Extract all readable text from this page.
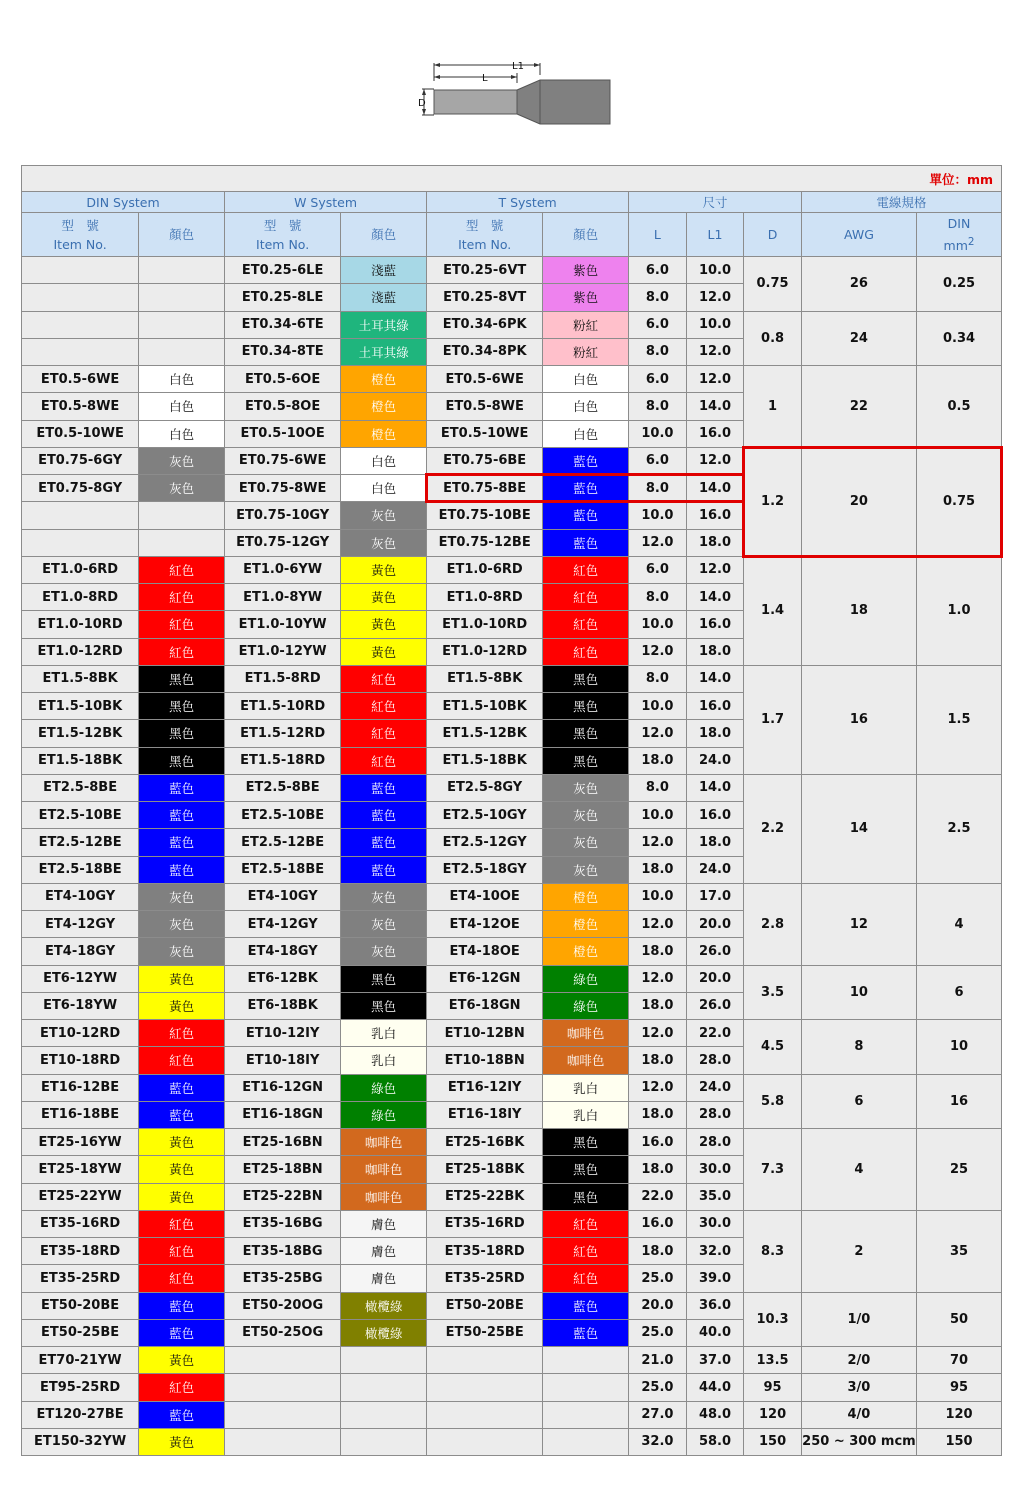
L1
L
D
單位：mm										
DIN System		W System		T System		尺寸			電線規格	
型　號
Item No.	顏色	型　號
Item No.	顏色	型　號
Item No.	顏色	L	L1	D	AWG	DIN
$mm^2$
		ET0.25-6LE	淺藍	ET0.25-6VT	紫色	6.0	10.0	0.75	26	0.25
		ET0.25-8LE	淺藍	ET0.25-8VT	紫色	8.0	12.0			
		ET0.34-6TE	土耳其綠	ET0.34-6PK	粉紅	6.0	10.0	0.8	24	0.34
		ET0.34-8TE	土耳其綠	ET0.34-8PK	粉紅	8.0	12.0			
ET0.5-6WE	白色	ET0.5-6OE	橙色	ET0.5-6WE	白色	6.0	12.0	1	22	0.5
ET0.5-8WE	白色	ET0.5-8OE	橙色	ET0.5-8WE	白色	8.0	14.0			
ET0.5-10WE	白色	ET0.5-10OE	橙色	ET0.5-10WE	白色	10.0	16.0			
ET0.75-6GY	灰色	ET0.75-6WE	白色	ET0.75-6BE	藍色	6.0	12.0	1.2	20	0.75
ET0.75-8GY	灰色	ET0.75-8WE	白色	ET0.75-8BE	藍色	8.0	14.0			
		ET0.75-10GY	灰色	ET0.75-10BE	藍色	10.0	16.0			
		ET0.75-12GY	灰色	ET0.75-12BE	藍色	12.0	18.0			
ET1.0-6RD	紅色	ET1.0-6YW	黃色	ET1.0-6RD	紅色	6.0	12.0	1.4	18	1.0
ET1.0-8RD	紅色	ET1.0-8YW	黃色	ET1.0-8RD	紅色	8.0	14.0			
ET1.0-10RD	紅色	ET1.0-10YW	黃色	ET1.0-10RD	紅色	10.0	16.0			
ET1.0-12RD	紅色	ET1.0-12YW	黃色	ET1.0-12RD	紅色	12.0	18.0			
ET1.5-8BK	黑色	ET1.5-8RD	紅色	ET1.5-8BK	黑色	8.0	14.0	1.7	16	1.5
ET1.5-10BK	黑色	ET1.5-10RD	紅色	ET1.5-10BK	黑色	10.0	16.0			
ET1.5-12BK	黑色	ET1.5-12RD	紅色	ET1.5-12BK	黑色	12.0	18.0			
ET1.5-18BK	黑色	ET1.5-18RD	紅色	ET1.5-18BK	黑色	18.0	24.0			
ET2.5-8BE	藍色	ET2.5-8BE	藍色	ET2.5-8GY	灰色	8.0	14.0	2.2	14	2.5
ET2.5-10BE	藍色	ET2.5-10BE	藍色	ET2.5-10GY	灰色	10.0	16.0			
ET2.5-12BE	藍色	ET2.5-12BE	藍色	ET2.5-12GY	灰色	12.0	18.0			
ET2.5-18BE	藍色	ET2.5-18BE	藍色	ET2.5-18GY	灰色	18.0	24.0			
ET4-10GY	灰色	ET4-10GY	灰色	ET4-10OE	橙色	10.0	17.0	2.8	12	4
ET4-12GY	灰色	ET4-12GY	灰色	ET4-12OE	橙色	12.0	20.0			
ET4-18GY	灰色	ET4-18GY	灰色	ET4-18OE	橙色	18.0	26.0			
ET6-12YW	黃色	ET6-12BK	黑色	ET6-12GN	綠色	12.0	20.0	3.5	10	6
ET6-18YW	黃色	ET6-18BK	黑色	ET6-18GN	綠色	18.0	26.0			
ET10-12RD	紅色	ET10-12IY	乳白	ET10-12BN	咖啡色	12.0	22.0	4.5	8	10
ET10-18RD	紅色	ET10-18IY	乳白	ET10-18BN	咖啡色	18.0	28.0			
ET16-12BE	藍色	ET16-12GN	綠色	ET16-12IY	乳白	12.0	24.0	5.8	6	16
ET16-18BE	藍色	ET16-18GN	綠色	ET16-18IY	乳白	18.0	28.0			
ET25-16YW	黃色	ET25-16BN	咖啡色	ET25-16BK	黑色	16.0	28.0	7.3	4	25
ET25-18YW	黃色	ET25-18BN	咖啡色	ET25-18BK	黑色	18.0	30.0			
ET25-22YW	黃色	ET25-22BN	咖啡色	ET25-22BK	黑色	22.0	35.0			
ET35-16RD	紅色	ET35-16BG	膚色	ET35-16RD	紅色	16.0	30.0	8.3	2	35
ET35-18RD	紅色	ET35-18BG	膚色	ET35-18RD	紅色	18.0	32.0			
ET35-25RD	紅色	ET35-25BG	膚色	ET35-25RD	紅色	25.0	39.0			
ET50-20BE	藍色	ET50-20OG	橄欖綠	ET50-20BE	藍色	20.0	36.0	10.3	1/0	50
ET50-25BE	藍色	ET50-25OG	橄欖綠	ET50-25BE	藍色	25.0	40.0			
ET70-21YW	黃色					21.0	37.0	13.5	2/0	70
ET95-25RD	紅色					25.0	44.0	95	3/0	95
ET120-27BE	藍色					27.0	48.0	120	4/0	120
ET150-32YW	黃色					32.0	58.0	150	250 ~ 300 mcm	150
